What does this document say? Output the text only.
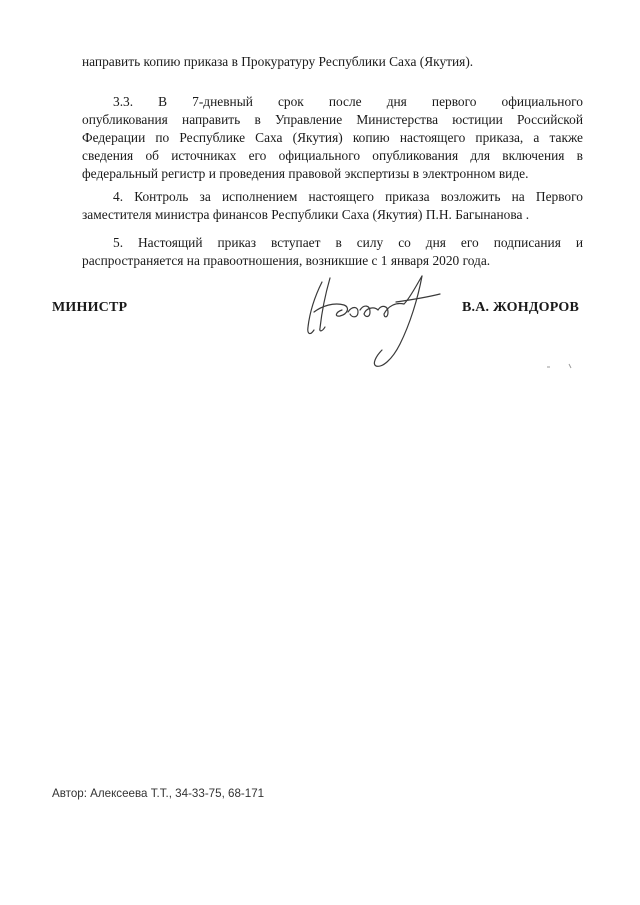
направить копию приказа в Прокуратуру Республики Саха (Якутия).
3.3. В 7-дневный срок после дня первого официального
опубликования направить в Управление Министерства юстиции Российской
Федерации по Республике Саха (Якутия) копию настоящего приказа, а также
сведения об источниках его официального опубликования для включения в
федеральный регистр и проведения правовой экспертизы в электронном виде.
4. Контроль за исполнением настоящего приказа возложить на Первого
заместителя министра финансов Республики Саха (Якутия) П.Н. Багынанова .
5. Настоящий приказ вступает в силу со дня его подписания и
распространяется на правоотношения, возникшие с 1 января 2020 года.
МИНИСТР	В.А. ЖОНДОРОВ
Автор: Алексеева Т.Т., 34-33-75, 68-171
